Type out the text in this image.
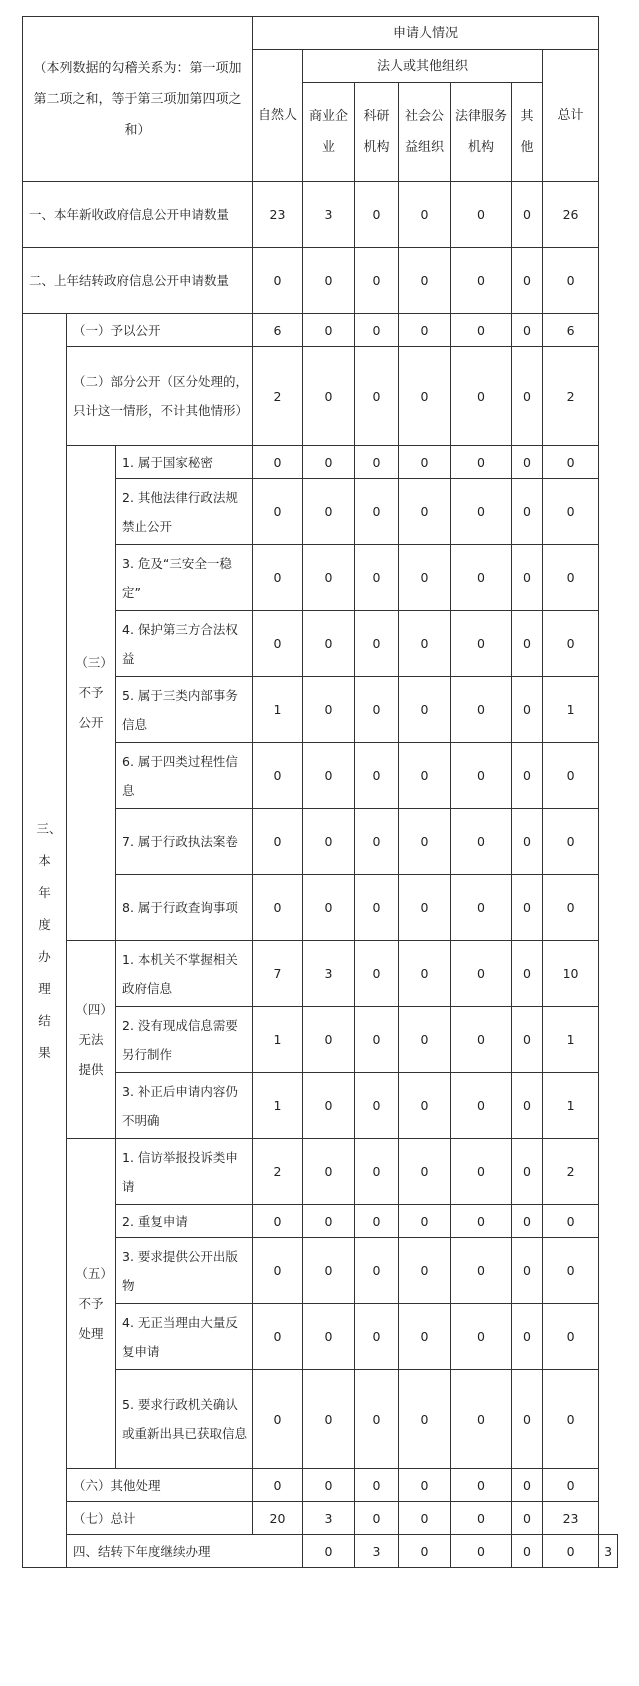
（本列数据的勾稽关系为：第一项加第二项之和，等于第三项加第四项之和）			申请人情况							
			自然人	法人或其他组织					总计	
				商业企业	科研机构	社会公益组织	法律服务机构	其他		
一、本年新收政府信息公开申请数量			23	3	0	0	0	0	26	
二、上年结转政府信息公开申请数量			0	0	0	0	0	0	0	

三、本年度办理结果	（一）予以公开		6	0	0	0	0	0	6	
	（二）部分公开（区分处理的，只计这一情形，不计其他情形）		2	0	0	0	0	0	2	

	（三）不予公开	1. 属于国家秘密	0	0	0	0	0	0	0	
		2. 其他法律行政法规禁止公开	0	0	0	0	0	0	0	
		3. 危及“三安全一稳定”	0	0	0	0	0	0	0	
		4. 保护第三方合法权益	0	0	0	0	0	0	0	
		5. 属于三类内部事务信息	1	0	0	0	0	0	1	
		6. 属于四类过程性信息	0	0	0	0	0	0	0	
		7. 属于行政执法案卷	0	0	0	0	0	0	0	
		8. 属于行政查询事项	0	0	0	0	0	0	0	

	（四）无法提供	1. 本机关不掌握相关政府信息	7	3	0	0	0	0	10	
		2. 没有现成信息需要另行制作	1	0	0	0	0	0	1	
		3. 补正后申请内容仍不明确	1	0	0	0	0	0	1	

	（五）不予处理	1. 信访举报投诉类申请	2	0	0	0	0	0	2	
		2. 重复申请	0	0	0	0	0	0	0	
		3. 要求提供公开出版物	0	0	0	0	0	0	0	
		4. 无正当理由大量反复申请	0	0	0	0	0	0	0	
		5. 要求行政机关确认或重新出具已获取信息	0	0	0	0	0	0	0	
	（六）其他处理		0	0	0	0	0	0	0	
	（七）总计		20	3	0	0	0	0	23	
	四、结转下年度继续办理			0	3	0	0	0	0	3
